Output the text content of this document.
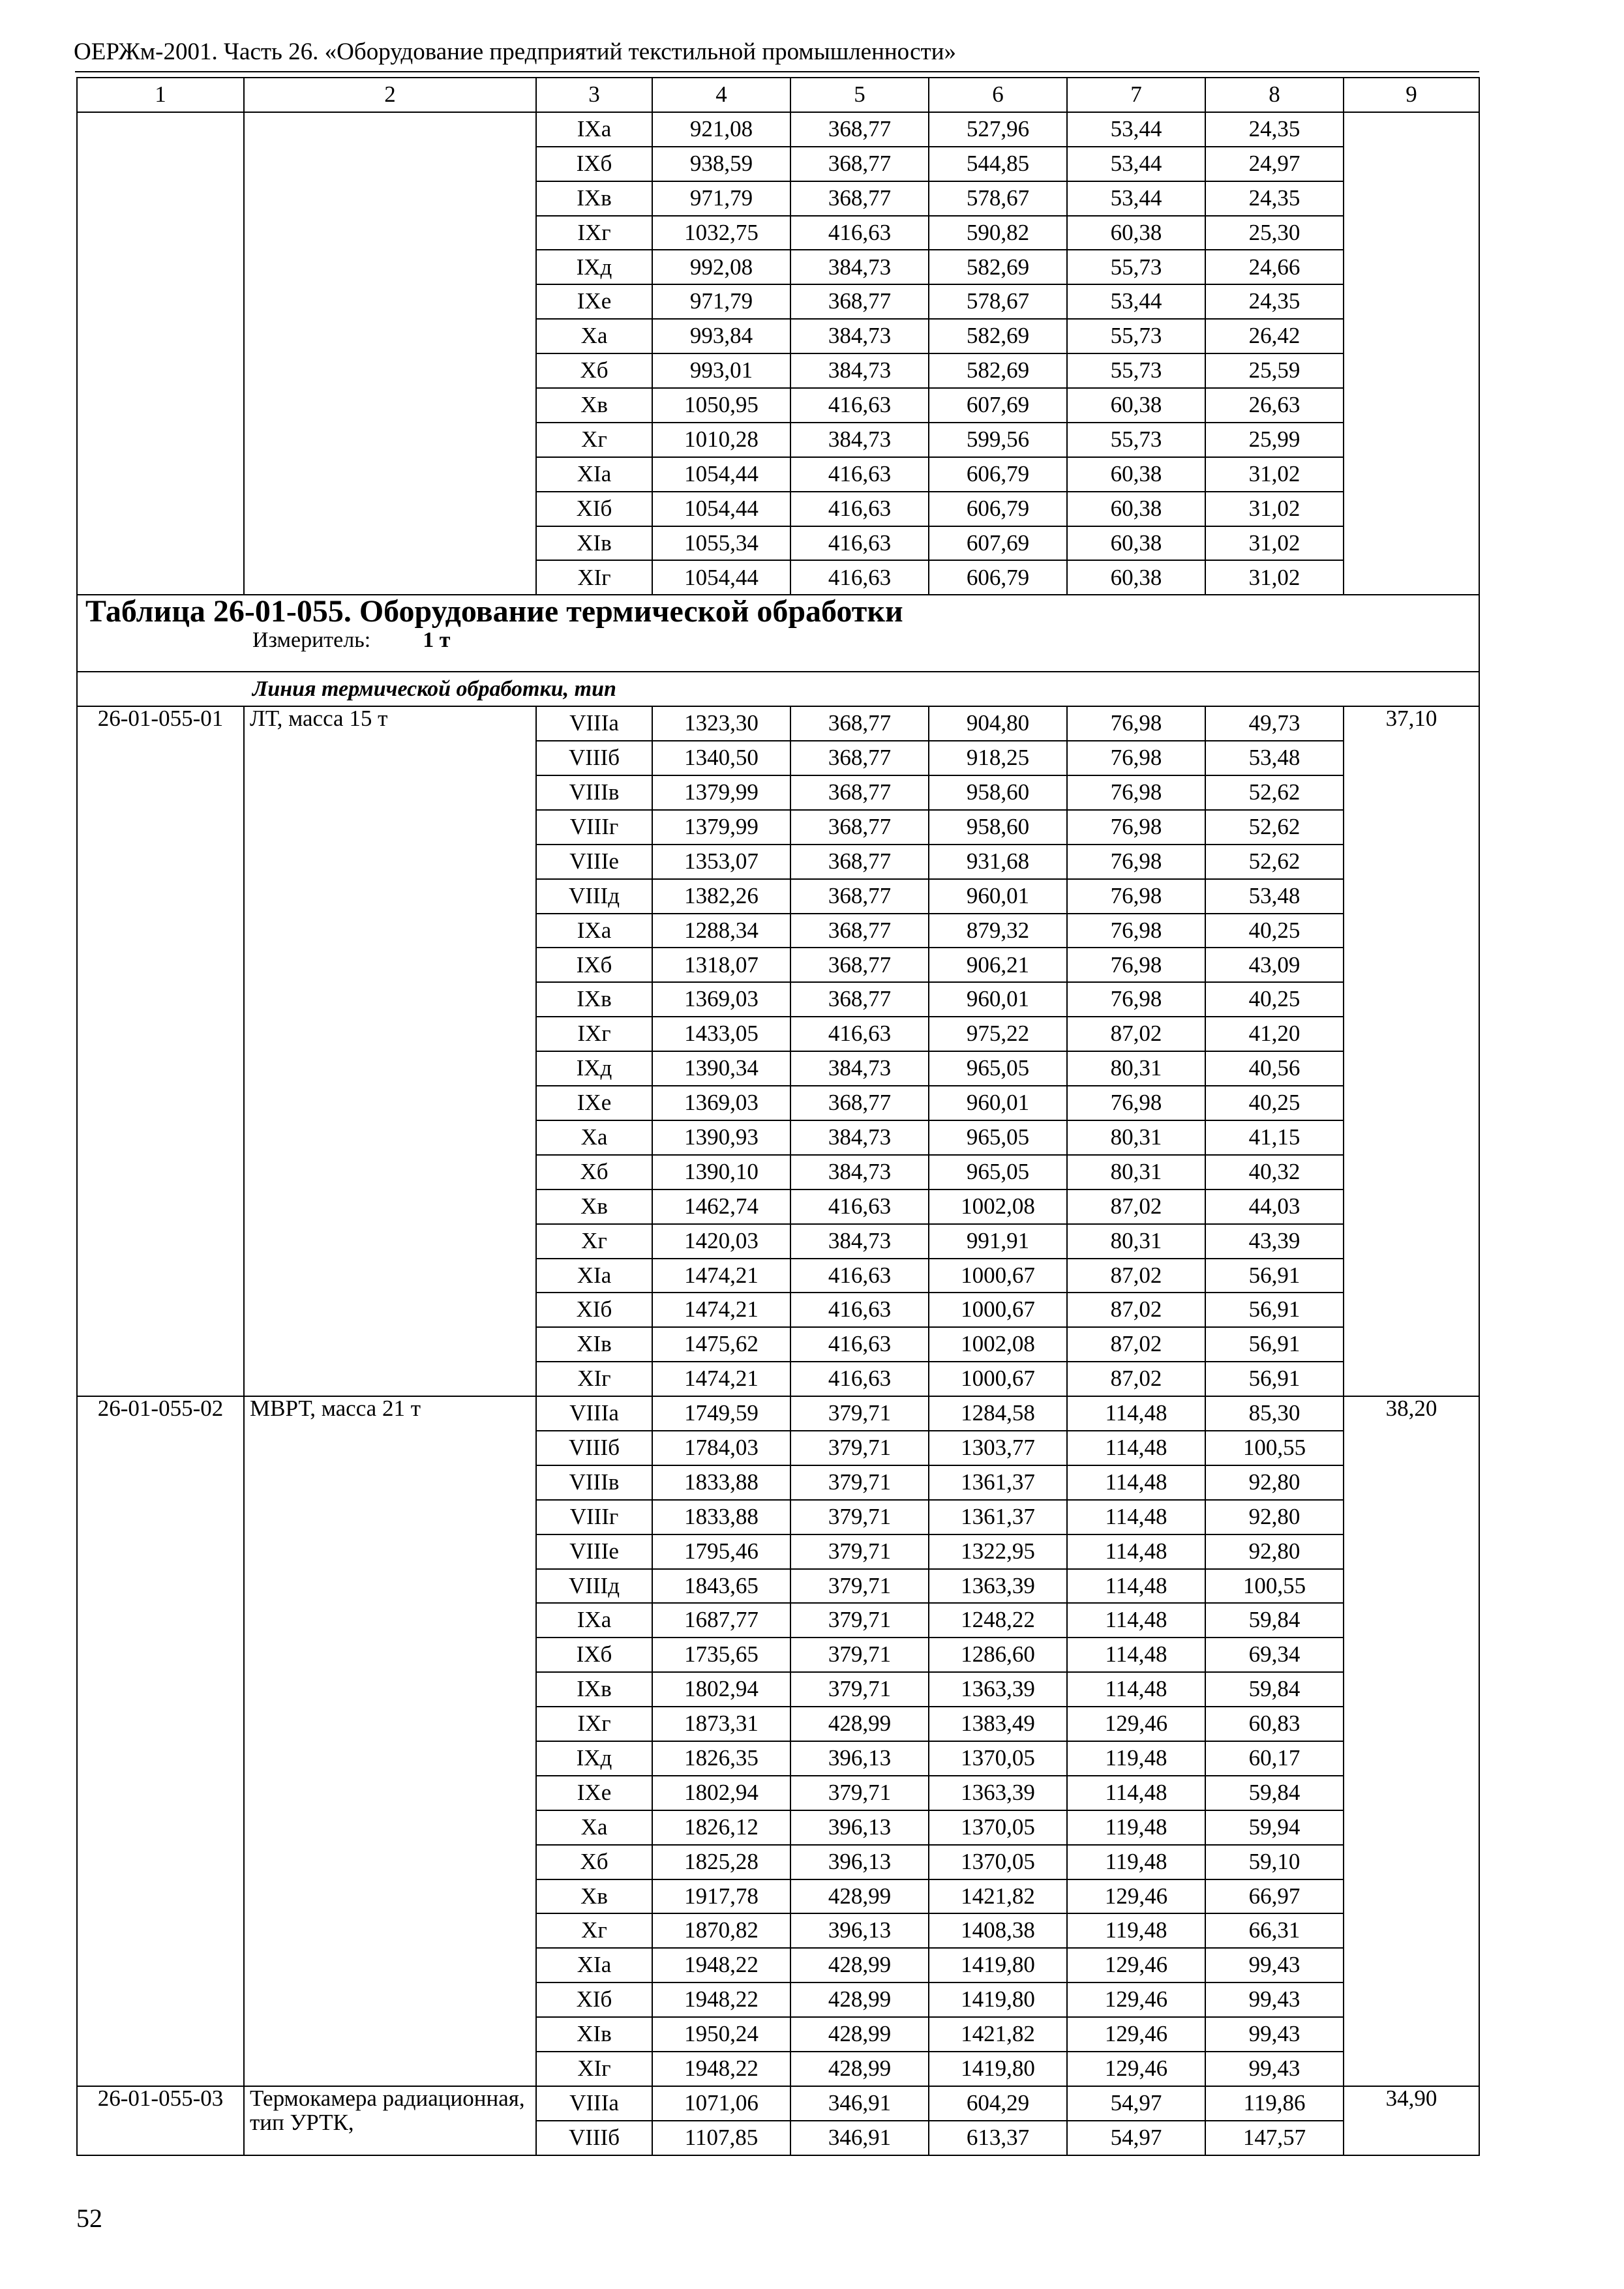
ОЕРЖм-2001. Часть 26. «Оборудование предприятий текстильной промышленности»
1	2	3	4	5	6	7	8	9
		IXа	921,08	368,77	527,96	53,44	24,35	
		IXб	938,59	368,77	544,85	53,44	24,97	
		IXв	971,79	368,77	578,67	53,44	24,35	
		IXг	1032,75	416,63	590,82	60,38	25,30	
		IXд	992,08	384,73	582,69	55,73	24,66	
		IXе	971,79	368,77	578,67	53,44	24,35	
		Xа	993,84	384,73	582,69	55,73	26,42	
		Xб	993,01	384,73	582,69	55,73	25,59	
		Xв	1050,95	416,63	607,69	60,38	26,63	
		Xг	1010,28	384,73	599,56	55,73	25,99	
		XIа	1054,44	416,63	606,79	60,38	31,02	
		XIб	1054,44	416,63	606,79	60,38	31,02	
		XIв	1055,34	416,63	607,69	60,38	31,02	
		XIг	1054,44	416,63	606,79	60,38	31,02	

Таблица 26-01-055. Оборудование термической обработки
Измеритель: 1 т								

Линия термической обработки, тип								

26-01-055-01	ЛТ, масса 15 т	VIIIа	1323,30	368,77	904,80	76,98	49,73	37,10
		VIIIб	1340,50	368,77	918,25	76,98	53,48	
		VIIIв	1379,99	368,77	958,60	76,98	52,62	
		VIIIг	1379,99	368,77	958,60	76,98	52,62	
		VIIIе	1353,07	368,77	931,68	76,98	52,62	
		VIIIд	1382,26	368,77	960,01	76,98	53,48	
		IXа	1288,34	368,77	879,32	76,98	40,25	
		IXб	1318,07	368,77	906,21	76,98	43,09	
		IXв	1369,03	368,77	960,01	76,98	40,25	
		IXг	1433,05	416,63	975,22	87,02	41,20	
		IXд	1390,34	384,73	965,05	80,31	40,56	
		IXе	1369,03	368,77	960,01	76,98	40,25	
		Xа	1390,93	384,73	965,05	80,31	41,15	
		Xб	1390,10	384,73	965,05	80,31	40,32	
		Xв	1462,74	416,63	1002,08	87,02	44,03	
		Xг	1420,03	384,73	991,91	80,31	43,39	
		XIа	1474,21	416,63	1000,67	87,02	56,91	
		XIб	1474,21	416,63	1000,67	87,02	56,91	
		XIв	1475,62	416,63	1002,08	87,02	56,91	
		XIг	1474,21	416,63	1000,67	87,02	56,91	
26-01-055-02	МВРТ, масса 21 т	VIIIа	1749,59	379,71	1284,58	114,48	85,30	38,20
		VIIIб	1784,03	379,71	1303,77	114,48	100,55	
		VIIIв	1833,88	379,71	1361,37	114,48	92,80	
		VIIIг	1833,88	379,71	1361,37	114,48	92,80	
		VIIIе	1795,46	379,71	1322,95	114,48	92,80	
		VIIIд	1843,65	379,71	1363,39	114,48	100,55	
		IXа	1687,77	379,71	1248,22	114,48	59,84	
		IXб	1735,65	379,71	1286,60	114,48	69,34	
		IXв	1802,94	379,71	1363,39	114,48	59,84	
		IXг	1873,31	428,99	1383,49	129,46	60,83	
		IXд	1826,35	396,13	1370,05	119,48	60,17	
		IXе	1802,94	379,71	1363,39	114,48	59,84	
		Xа	1826,12	396,13	1370,05	119,48	59,94	
		Xб	1825,28	396,13	1370,05	119,48	59,10	
		Xв	1917,78	428,99	1421,82	129,46	66,97	
		Xг	1870,82	396,13	1408,38	119,48	66,31	
		XIа	1948,22	428,99	1419,80	129,46	99,43	
		XIб	1948,22	428,99	1419,80	129,46	99,43	
		XIв	1950,24	428,99	1421,82	129,46	99,43	
		XIг	1948,22	428,99	1419,80	129,46	99,43	
26-01-055-03	Термокамера радиационная, тип УРТК,	VIIIа	1071,06	346,91	604,29	54,97	119,86	34,90
		VIIIб	1107,85	346,91	613,37	54,97	147,57	
52
